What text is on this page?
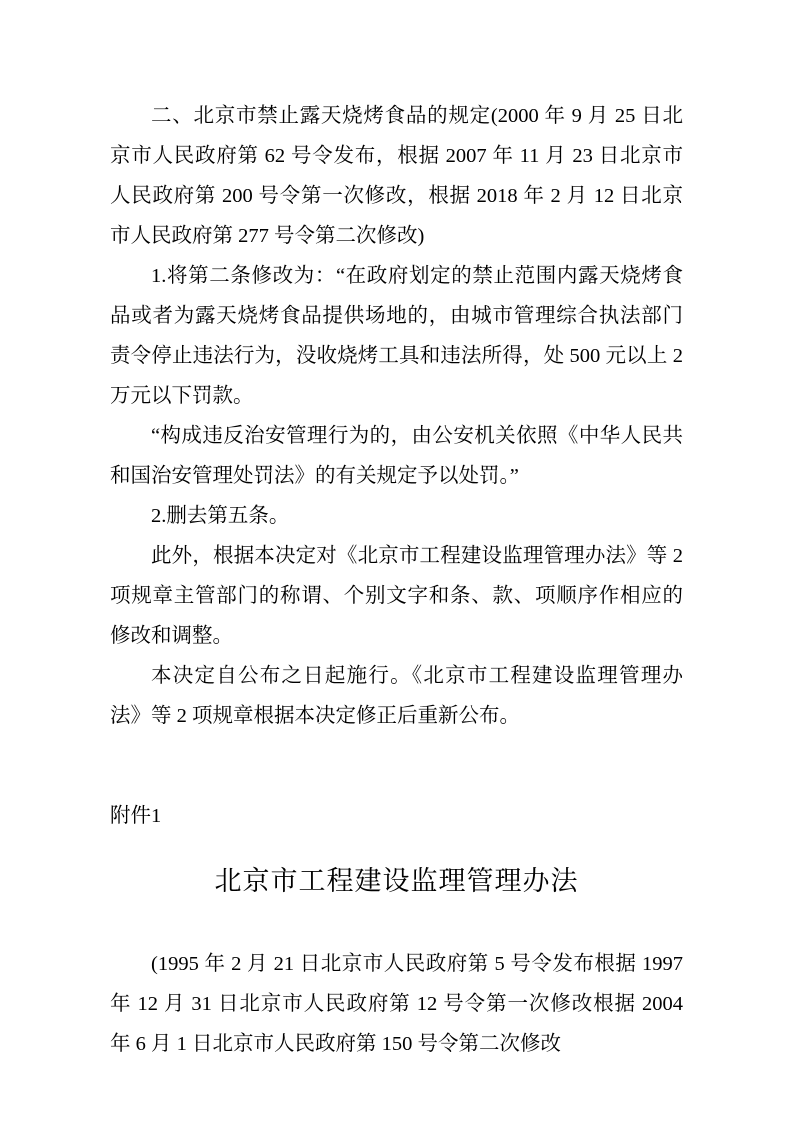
二、北京市禁止露天烧烤食品的规定(2000 年 9 月 25 日北京市人民政府第 62 号令发布，根据 2007 年 11 月 23 日北京市人民政府第 200 号令第一次修改，根据 2018 年 2 月 12 日北京市人民政府第 277 号令第二次修改)

1.将第二条修改为：“在政府划定的禁止范围内露天烧烤食品或者为露天烧烤食品提供场地的，由城市管理综合执法部门责令停止违法行为，没收烧烤工具和违法所得，处 500 元以上 2 万元以下罚款。

“构成违反治安管理行为的，由公安机关依照《中华人民共和国治安管理处罚法》的有关规定予以处罚。”

2.删去第五条。

此外，根据本决定对《北京市工程建设监理管理办法》等 2 项规章主管部门的称谓、个别文字和条、款、项顺序作相应的修改和调整。

本决定自公布之日起施行。《北京市工程建设监理管理办法》等 2 项规章根据本决定修正后重新公布。

附件1

北京市工程建设监理管理办法

(1995 年 2 月 21 日北京市人民政府第 5 号令发布根据 1997 年 12 月 31 日北京市人民政府第 12 号令第一次修改根据 2004 年 6 月 1 日北京市人民政府第 150 号令第二次修改
